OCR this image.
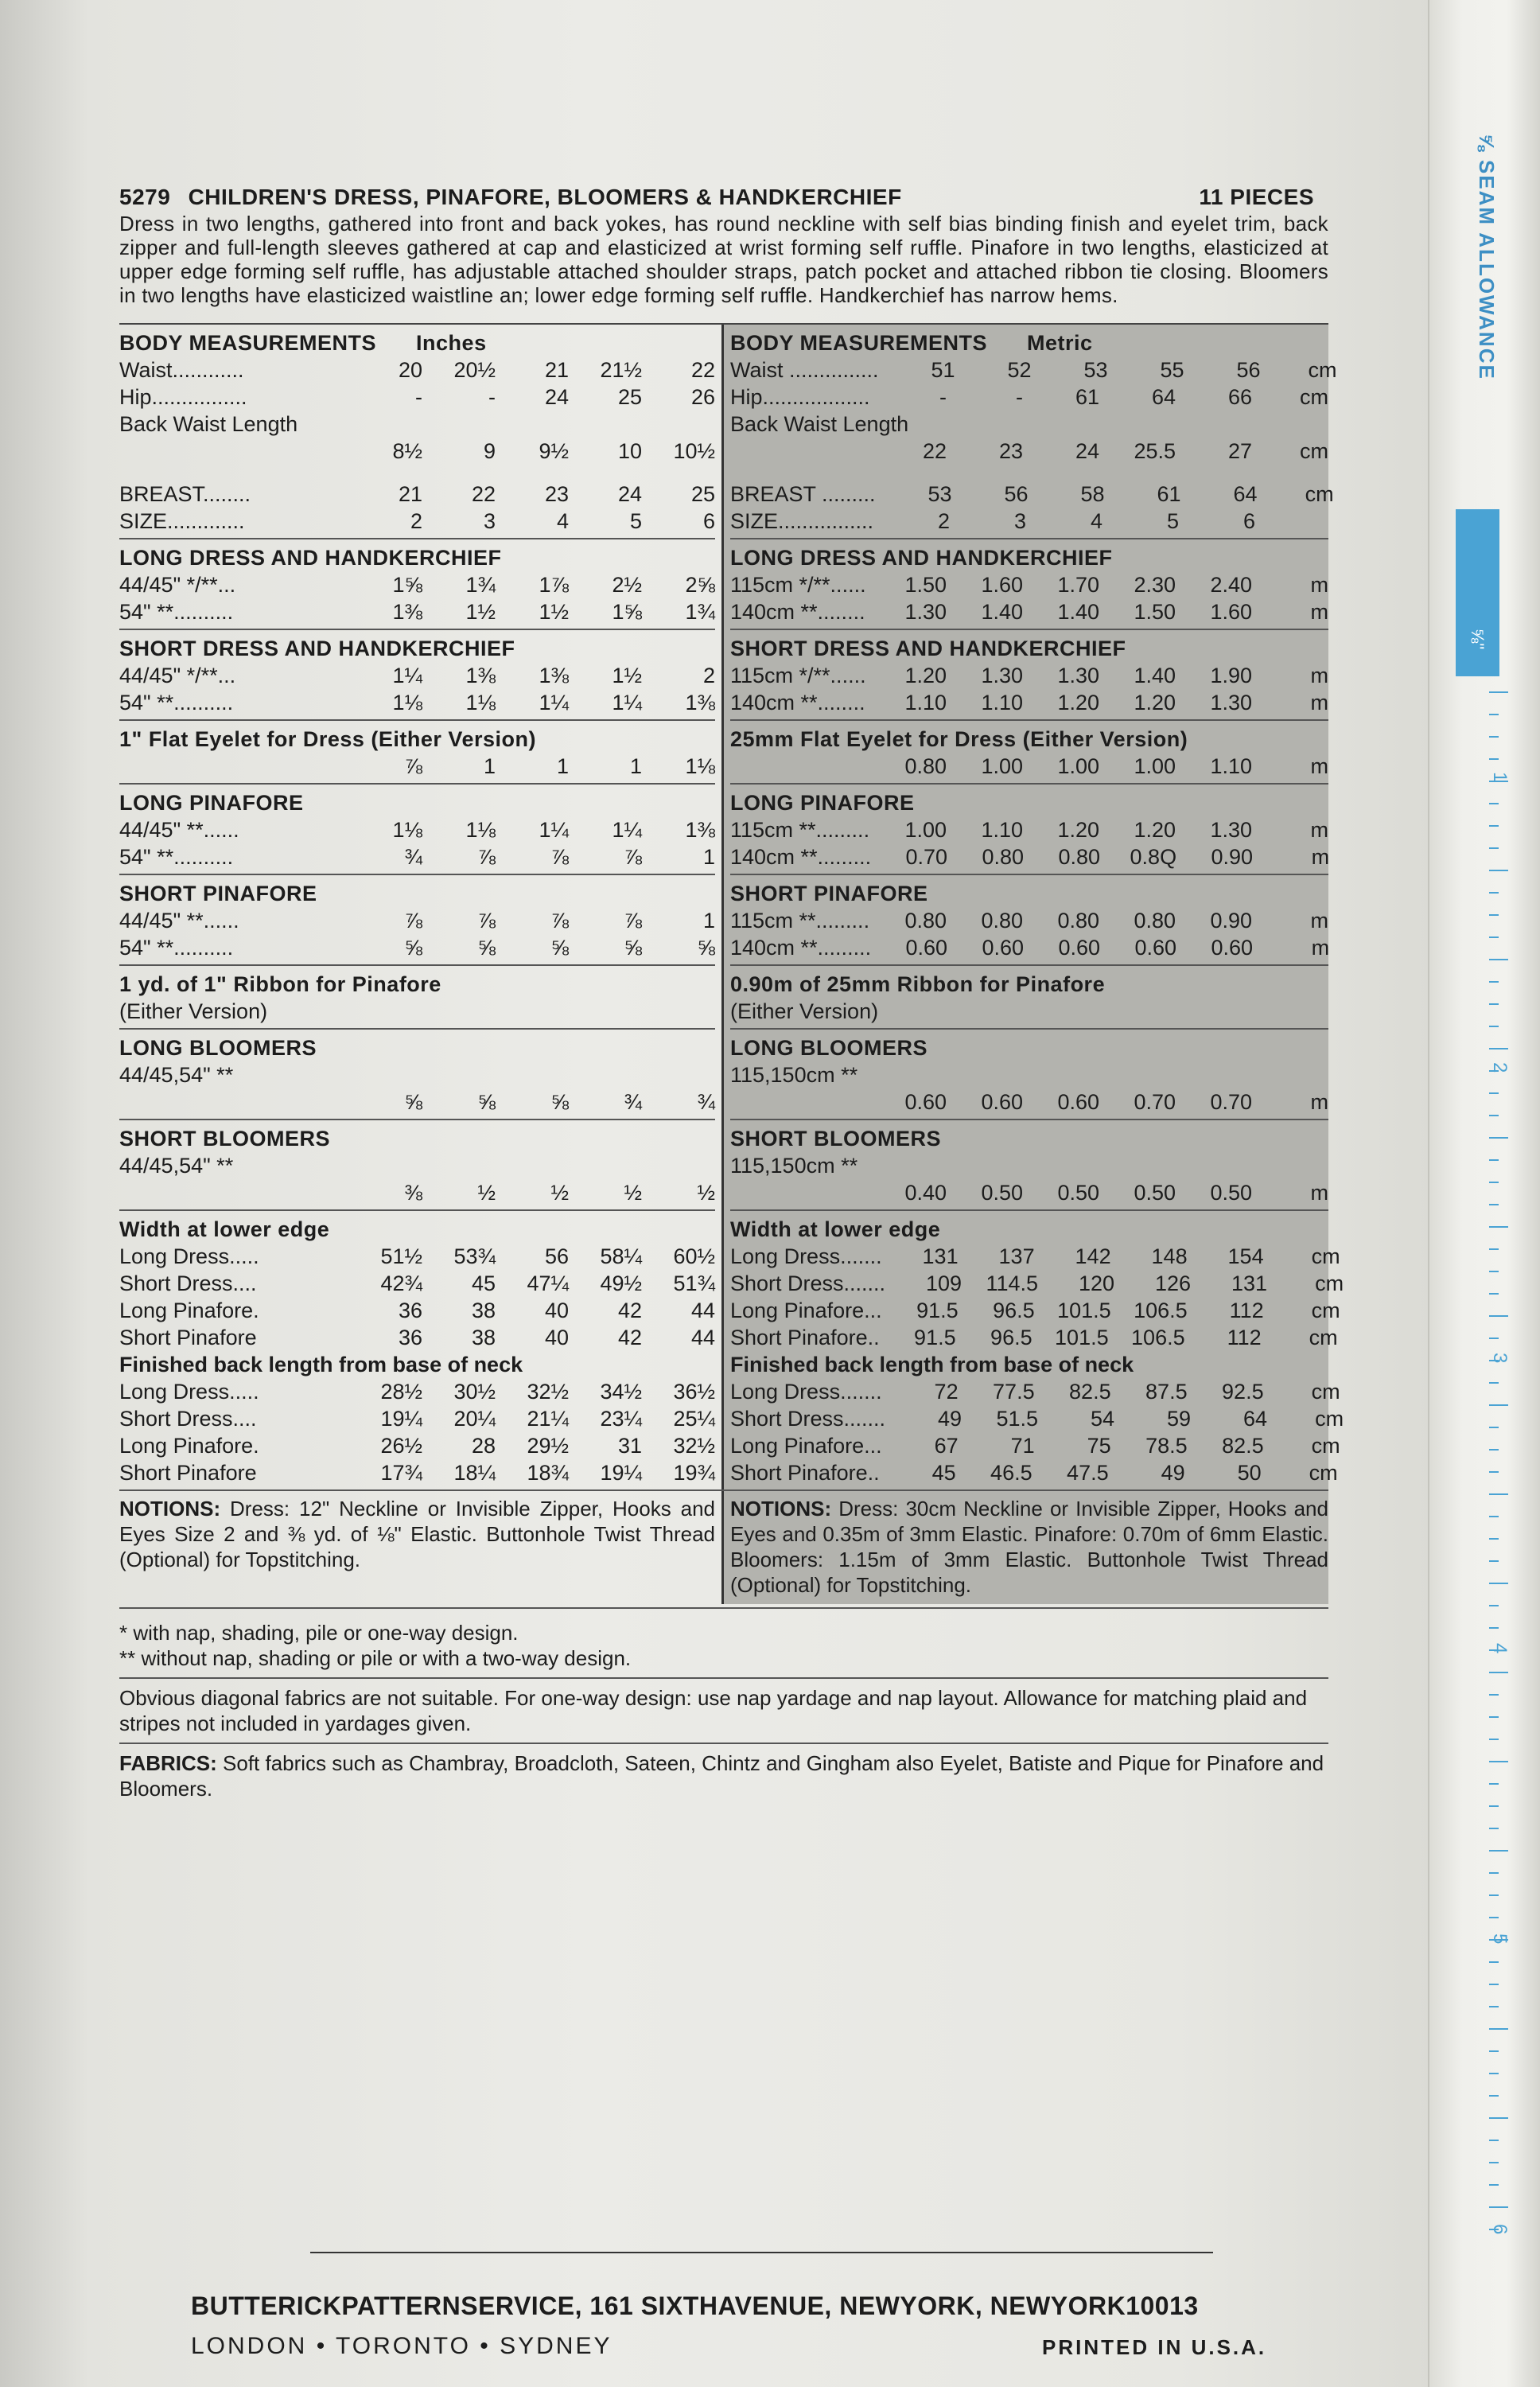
⅝ SEAM ALLOWANCE
⅝"
1
2
3
4
5
6
5279 CHILDREN'S DRESS, PINAFORE, BLOOMERS & HANDKERCHIEF	11 PIECES
Dress in two lengths, gathered into front and back yokes, has round neckline with self bias binding finish and eyelet trim, back zipper and full-length sleeves gathered at cap and elasticized at wrist forming self ruffle. Pinafore in two lengths, elasticized at upper edge forming self ruffle, has adjustable attached shoulder straps, patch pocket and attached ribbon tie closing. Bloomers in two lengths have elasticized waistline an; lower edge forming self ruffle. Handkerchief has narrow hems.
BODY MEASUREMENTS Inches
Waist............	20	20½	21	21½	22
Hip................	-	-	24	25	26
Back Waist Length
8½	9	9½	10	10½
BREAST........	21	22	23	24	25
SIZE.............	2	3	4	5	6
LONG DRESS AND HANDKERCHIEF
44/45" */**...	1⅝	1¾	1⅞	2½	2⅝
54" **..........	1⅜	1½	1½	1⅝	1¾
SHORT DRESS AND HANDKERCHIEF
44/45" */**...	1¼	1⅜	1⅜	1½	2
54" **..........	1⅛	1⅛	1¼	1¼	1⅜
1" Flat Eyelet for Dress (Either Version)
⅞	1	1	1	1⅛
LONG PINAFORE
44/45" **......	1⅛	1⅛	1¼	1¼	1⅜
54" **..........	¾	⅞	⅞	⅞	1
SHORT PINAFORE
44/45" **......	⅞	⅞	⅞	⅞	1
54" **..........	⅝	⅝	⅝	⅝	⅝
1 yd. of 1" Ribbon for Pinafore
(Either Version)
LONG BLOOMERS
44/45,54" **
⅝	⅝	⅝	¾	¾
SHORT BLOOMERS
44/45,54" **
⅜	½	½	½	½
Width at lower edge
Long Dress.....	51½	53¾	56	58¼	60½
Short Dress....	42¾	45	47¼	49½	51¾
Long Pinafore.	36	38	40	42	44
Short Pinafore	36	38	40	42	44
Finished back length from base of neck
Long Dress.....	28½	30½	32½	34½	36½
Short Dress....	19¼	20¼	21¼	23¼	25¼
Long Pinafore.	26½	28	29½	31	32½
Short Pinafore	17¾	18¼	18¾	19¼	19¾
BODY MEASUREMENTS Metric
Waist ...............	51	52	53	55	56	cm
Hip..................	-	-	61	64	66	cm
Back Waist Length
22	23	24	25.5	27	cm
BREAST .........	53	56	58	61	64	cm
SIZE................	2	3	4	5	6
LONG DRESS AND HANDKERCHIEF
115cm */**......	1.50	1.60	1.70	2.30	2.40	m
140cm **........	1.30	1.40	1.40	1.50	1.60	m
SHORT DRESS AND HANDKERCHIEF
115cm */**......	1.20	1.30	1.30	1.40	1.90	m
140cm **........	1.10	1.10	1.20	1.20	1.30	m
25mm Flat Eyelet for Dress (Either Version)
0.80	1.00	1.00	1.00	1.10	m
LONG PINAFORE
115cm **.........	1.00	1.10	1.20	1.20	1.30	m
140cm **.........	0.70	0.80	0.80	0.8Q	0.90	m
SHORT PINAFORE
115cm **.........	0.80	0.80	0.80	0.80	0.90	m
140cm **.........	0.60	0.60	0.60	0.60	0.60	m
0.90m of 25mm Ribbon for Pinafore
(Either Version)
LONG BLOOMERS
115,150cm **
0.60	0.60	0.60	0.70	0.70	m
SHORT BLOOMERS
115,150cm **
0.40	0.50	0.50	0.50	0.50	m
Width at lower edge
Long Dress.......	131	137	142	148	154	cm
Short Dress.......	109	114.5	120	126	131	cm
Long Pinafore...	91.5	96.5	101.5	106.5	112	cm
Short Pinafore..	91.5	96.5	101.5	106.5	112	cm
Finished back length from base of neck
Long Dress.......	72	77.5	82.5	87.5	92.5	cm
Short Dress.......	49	51.5	54	59	64	cm
Long Pinafore...	67	71	75	78.5	82.5	cm
Short Pinafore..	45	46.5	47.5	49	50	cm
NOTIONS: Dress: 12" Neckline or Invisible Zipper, Hooks and Eyes Size 2 and ⅜ yd. of ⅛" Elastic. Buttonhole Twist Thread (Optional) for Topstitching.
NOTIONS: Dress: 30cm Neckline or Invisible Zipper, Hooks and Eyes and 0.35m of 3mm Elastic. Pinafore: 0.70m of 6mm Elastic. Bloomers: 1.15m of 3mm Elastic. Buttonhole Twist Thread (Optional) for Topstitching.
* with nap, shading, pile or one-way design.
** without nap, shading or pile or with a two-way design.
Obvious diagonal fabrics are not suitable. For one-way design: use nap yardage and nap layout. Allowance for matching plaid and stripes not included in yardages given.
FABRICS: Soft fabrics such as Chambray, Broadcloth, Sateen, Chintz and Gingham also Eyelet, Batiste and Pique for Pinafore and Bloomers.
BUTTERICKPATTERNSERVICE, 161 SIXTHAVENUE, NEWYORK, NEWYORK10013
LONDON • TORONTO • SYDNEY	PRINTED IN U.S.A.
